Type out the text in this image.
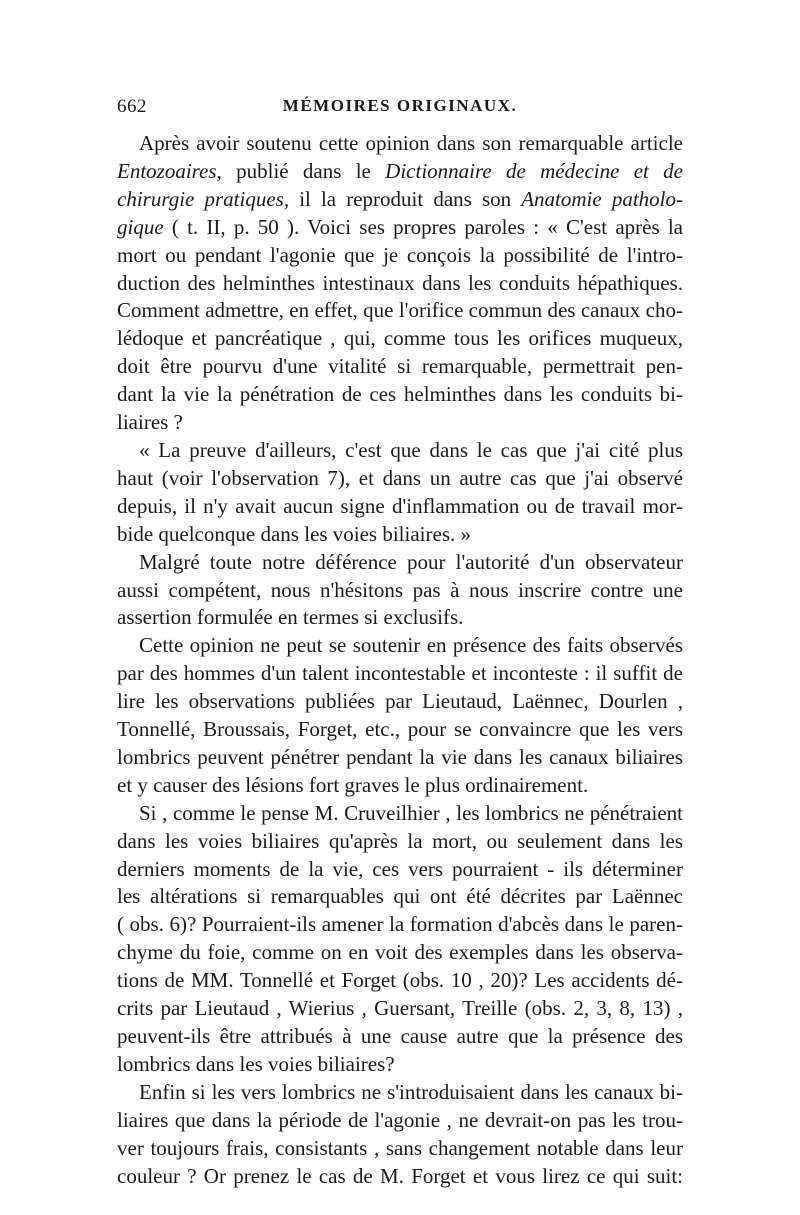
662	MÉMOIRES ORIGINAUX.
Après avoir soutenu cette opinion dans son remarquable article
Entozoaires, publié dans le Dictionnaire de médecine et de
chirurgie pratiques, il la reproduit dans son Anatomie patholo-
gique ( t. II, p. 50 ). Voici ses propres paroles : « C'est après la
mort ou pendant l'agonie que je conçois la possibilité de l'intro-
duction des helminthes intestinaux dans les conduits hépathiques.
Comment admettre, en effet, que l'orifice commun des canaux cho-
lédoque et pancréatique , qui, comme tous les orifices muqueux,
doit être pourvu d'une vitalité si remarquable, permettrait pen-
dant la vie la pénétration de ces helminthes dans les conduits bi-
liaires ?
« La preuve d'ailleurs, c'est que dans le cas que j'ai cité plus
haut (voir l'observation 7), et dans un autre cas que j'ai observé
depuis, il n'y avait aucun signe d'inflammation ou de travail mor-
bide quelconque dans les voies biliaires. »
Malgré toute notre déférence pour l'autorité d'un observateur
aussi compétent, nous n'hésitons pas à nous inscrire contre une
assertion formulée en termes si exclusifs.
Cette opinion ne peut se soutenir en présence des faits observés
par des hommes d'un talent incontestable et inconteste : il suffit de
lire les observations publiées par Lieutaud, Laënnec, Dourlen ,
Tonnellé, Broussais, Forget, etc., pour se convaincre que les vers
lombrics peuvent pénétrer pendant la vie dans les canaux biliaires
et y causer des lésions fort graves le plus ordinairement.
Si , comme le pense M. Cruveilhier , les lombrics ne pénétraient
dans les voies biliaires qu'après la mort, ou seulement dans les
derniers moments de la vie, ces vers pourraient - ils déterminer
les altérations si remarquables qui ont été décrites par Laënnec
( obs. 6)? Pourraient-ils amener la formation d'abcès dans le paren-
chyme du foie, comme on en voit des exemples dans les observa-
tions de MM. Tonnellé et Forget (obs. 10 , 20)? Les accidents dé-
crits par Lieutaud , Wierius , Guersant, Treille (obs. 2, 3, 8, 13) ,
peuvent-ils être attribués à une cause autre que la présence des
lombrics dans les voies biliaires?
Enfin si les vers lombrics ne s'introduisaient dans les canaux bi-
liaires que dans la période de l'agonie , ne devrait-on pas les trou-
ver toujours frais, consistants , sans changement notable dans leur
couleur ? Or prenez le cas de M. Forget et vous lirez ce qui suit:
